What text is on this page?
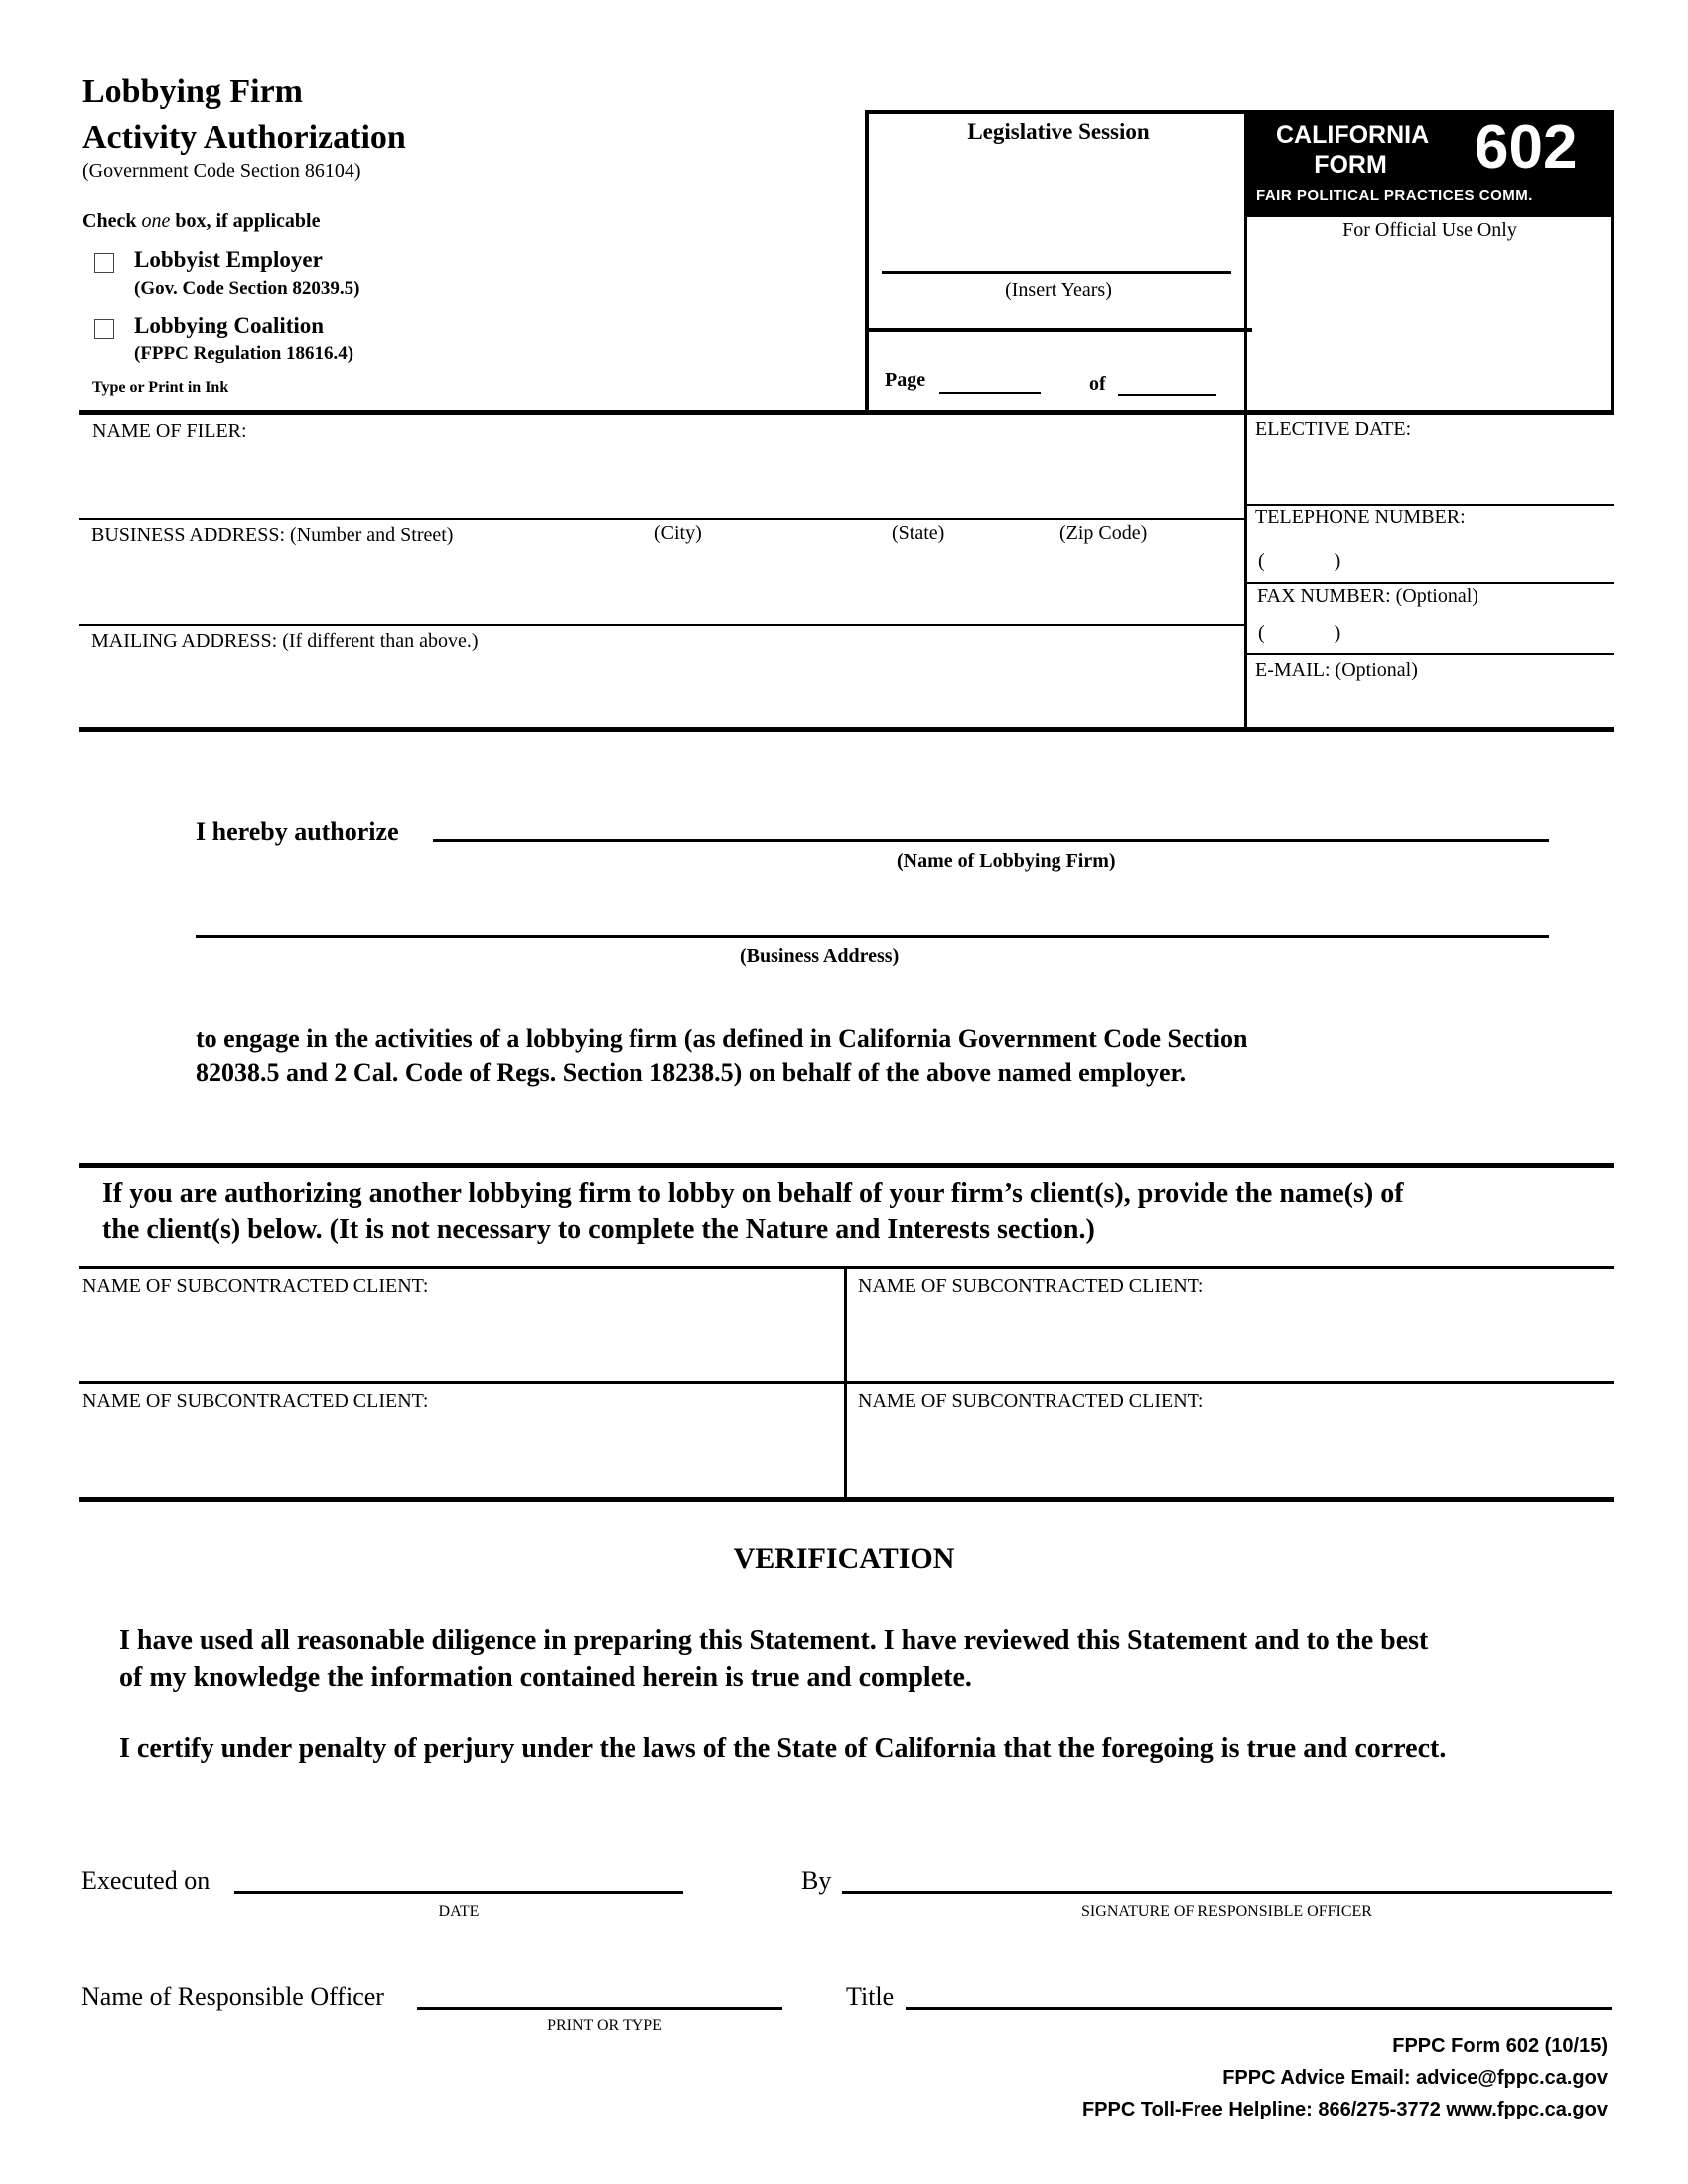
Lobbying Firm
Activity Authorization
(Government Code Section 86104)
Check one box, if applicable
Lobbyist Employer
(Gov. Code Section 82039.5)
Lobbying Coalition
(FPPC Regulation 18616.4)
Type or Print in Ink
Legislative Session
(Insert Years)
Page	of
CALIFORNIA
FORM	602
FAIR POLITICAL PRACTICES COMM.
For Official Use Only
NAME OF FILER:
BUSINESS ADDRESS: (Number and Street)	(City)	(State)	(Zip Code)
MAILING ADDRESS: (If different than above.)
ELECTIVE DATE:
TELEPHONE NUMBER:
(              )
FAX NUMBER: (Optional)
(              )
E-MAIL: (Optional)
I hereby authorize
(Name of Lobbying Firm)
(Business Address)
to engage in the activities of a lobbying firm (as defined in California Government Code Section
82038.5 and 2 Cal. Code of Regs. Section 18238.5) on behalf of the above named employer.
If you are authorizing another lobbying firm to lobby on behalf of your firm’s client(s), provide the name(s) of
the client(s) below. (It is not necessary to complete the Nature and Interests section.)
NAME OF SUBCONTRACTED CLIENT:	NAME OF SUBCONTRACTED CLIENT:
NAME OF SUBCONTRACTED CLIENT:	NAME OF SUBCONTRACTED CLIENT:
VERIFICATION
I have used all reasonable diligence in preparing this Statement. I have reviewed this Statement and to the best
of my knowledge the information contained herein is true and complete.
I certify under penalty of perjury under the laws of the State of California that the foregoing is true and correct.
Executed on
DATE
By
SIGNATURE OF RESPONSIBLE OFFICER
Name of Responsible Officer
PRINT OR TYPE
Title
FPPC Form 602 (10/15)
FPPC Advice Email: advice@fppc.ca.gov
FPPC Toll-Free Helpline: 866/275-3772 www.fppc.ca.gov
